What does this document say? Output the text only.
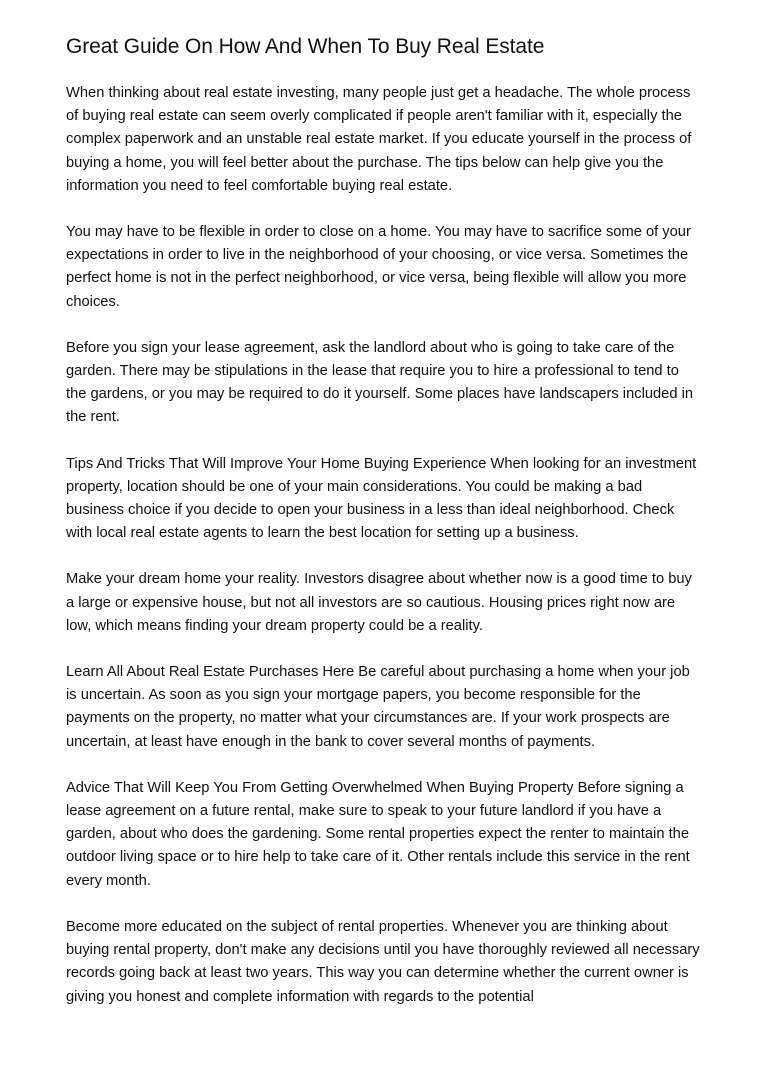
Great Guide On How And When To Buy Real Estate

When thinking about real estate investing, many people just get a headache. The whole process of buying real estate can seem overly complicated if people aren't familiar with it, especially the complex paperwork and an unstable real estate market. If you educate yourself in the process of buying a home, you will feel better about the purchase. The tips below can help give you the information you need to feel comfortable buying real estate.

You may have to be flexible in order to close on a home. You may have to sacrifice some of your expectations in order to live in the neighborhood of your choosing, or vice versa. Sometimes the perfect home is not in the perfect neighborhood, or vice versa, being flexible will allow you more choices.

Before you sign your lease agreement, ask the landlord about who is going to take care of the garden. There may be stipulations in the lease that require you to hire a professional to tend to the gardens, or you may be required to do it yourself. Some places have landscapers included in the rent.

Tips And Tricks That Will Improve Your Home Buying Experience When looking for an investment property, location should be one of your main considerations. You could be making a bad business choice if you decide to open your business in a less than ideal neighborhood. Check with local real estate agents to learn the best location for setting up a business.

Make your dream home your reality. Investors disagree about whether now is a good time to buy a large or expensive house, but not all investors are so cautious. Housing prices right now are low, which means finding your dream property could be a reality.

Learn All About Real Estate Purchases Here Be careful about purchasing a home when your job is uncertain. As soon as you sign your mortgage papers, you become responsible for the payments on the property, no matter what your circumstances are. If your work prospects are uncertain, at least have enough in the bank to cover several months of payments.

Advice That Will Keep You From Getting Overwhelmed When Buying Property Before signing a lease agreement on a future rental, make sure to speak to your future landlord if you have a garden, about who does the gardening. Some rental properties expect the renter to maintain the outdoor living space or to hire help to take care of it. Other rentals include this service in the rent every month.

Become more educated on the subject of rental properties. Whenever you are thinking about buying rental property, don't make any decisions until you have thoroughly reviewed all necessary records going back at least two years. This way you can determine whether the current owner is giving you honest and complete information with regards to the potential
